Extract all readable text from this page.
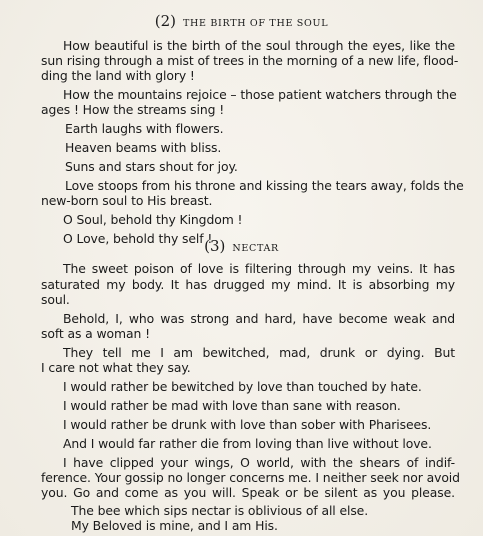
(2) THE BIRTH OF THE SOUL
How beautiful is the birth of the soul through the eyes, like the
sun rising through a mist of trees in the morning of a new life, flood-
ding the land with glory !
How the mountains rejoice – those patient watchers through the
ages ! How the streams sing !
Earth laughs with flowers.
Heaven beams with bliss.
Suns and stars shout for joy.
Love stoops from his throne and kissing the tears away, folds the
new-born soul to His breast.
O Soul, behold thy Kingdom !
O Love, behold thy self !
(3) NECTAR
The sweet poison of love is filtering through my veins. It has
saturated my body. It has drugged my mind. It is absorbing my
soul.
Behold, I, who was strong and hard, have become weak and
soft as a woman !
They tell me I am bewitched, mad, drunk or dying. But
I care not what they say.
I would rather be bewitched by love than touched by hate.
I would rather be mad with love than sane with reason.
I would rather be drunk with love than sober with Pharisees.
And I would far rather die from loving than live without love.
I have clipped your wings, O world, with the shears of indif-
ference. Your gossip no longer concerns me. I neither seek nor avoid
you. Go and come as you will. Speak or be silent as you please.
The bee which sips nectar is oblivious of all else.
My Beloved is mine, and I am His.
